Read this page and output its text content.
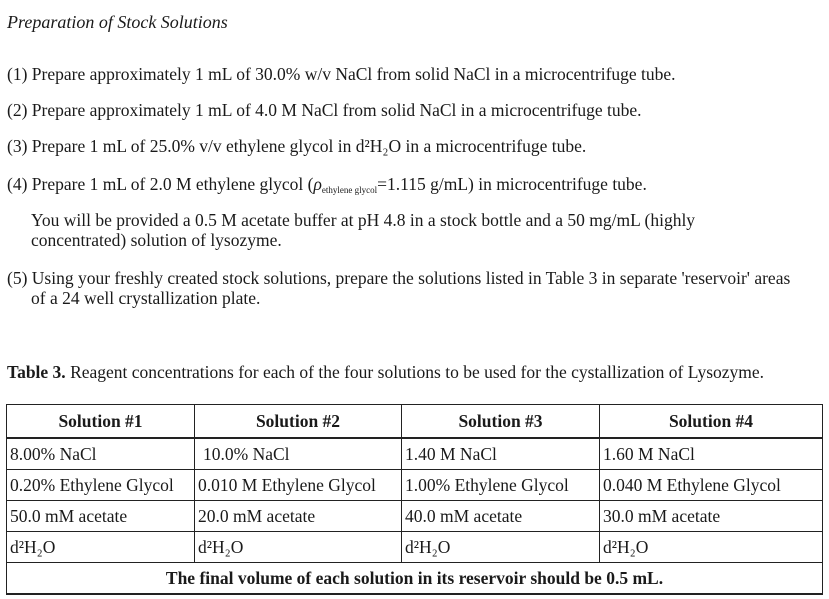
Preparation of Stock Solutions
(1) Prepare approximately 1 mL of 30.0% w/v NaCl from solid NaCl in a microcentrifuge tube.
(2) Prepare approximately 1 mL of 4.0 M NaCl from solid NaCl in a microcentrifuge tube.
(3) Prepare 1 mL of 25.0% v/v ethylene glycol in d²H₂O in a microcentrifuge tube.
(4) Prepare 1 mL of 2.0 M ethylene glycol (ρethylene glycol=1.115 g/mL) in microcentrifuge tube.
You will be provided a 0.5 M acetate buffer at pH 4.8 in a stock bottle and a 50 mg/mL (highly concentrated) solution of lysozyme.
(5) Using your freshly created stock solutions, prepare the solutions listed in Table 3 in separate 'reservoir' areas of a 24 well crystallization plate.
Table 3. Reagent concentrations for each of the four solutions to be used for the cystallization of Lysozyme.
Solution #1	Solution #2	Solution #3	Solution #4
8.00% NaCl	10.0% NaCl	1.40 M NaCl	1.60 M NaCl
0.20% Ethylene Glycol	0.010 M Ethylene Glycol	1.00% Ethylene Glycol	0.040 M Ethylene Glycol
50.0 mM acetate	20.0 mM acetate	40.0 mM acetate	30.0 mM acetate
d²H₂O	d²H₂O	d²H₂O	d²H₂O
The final volume of each solution in its reservoir should be 0.5 mL.			
